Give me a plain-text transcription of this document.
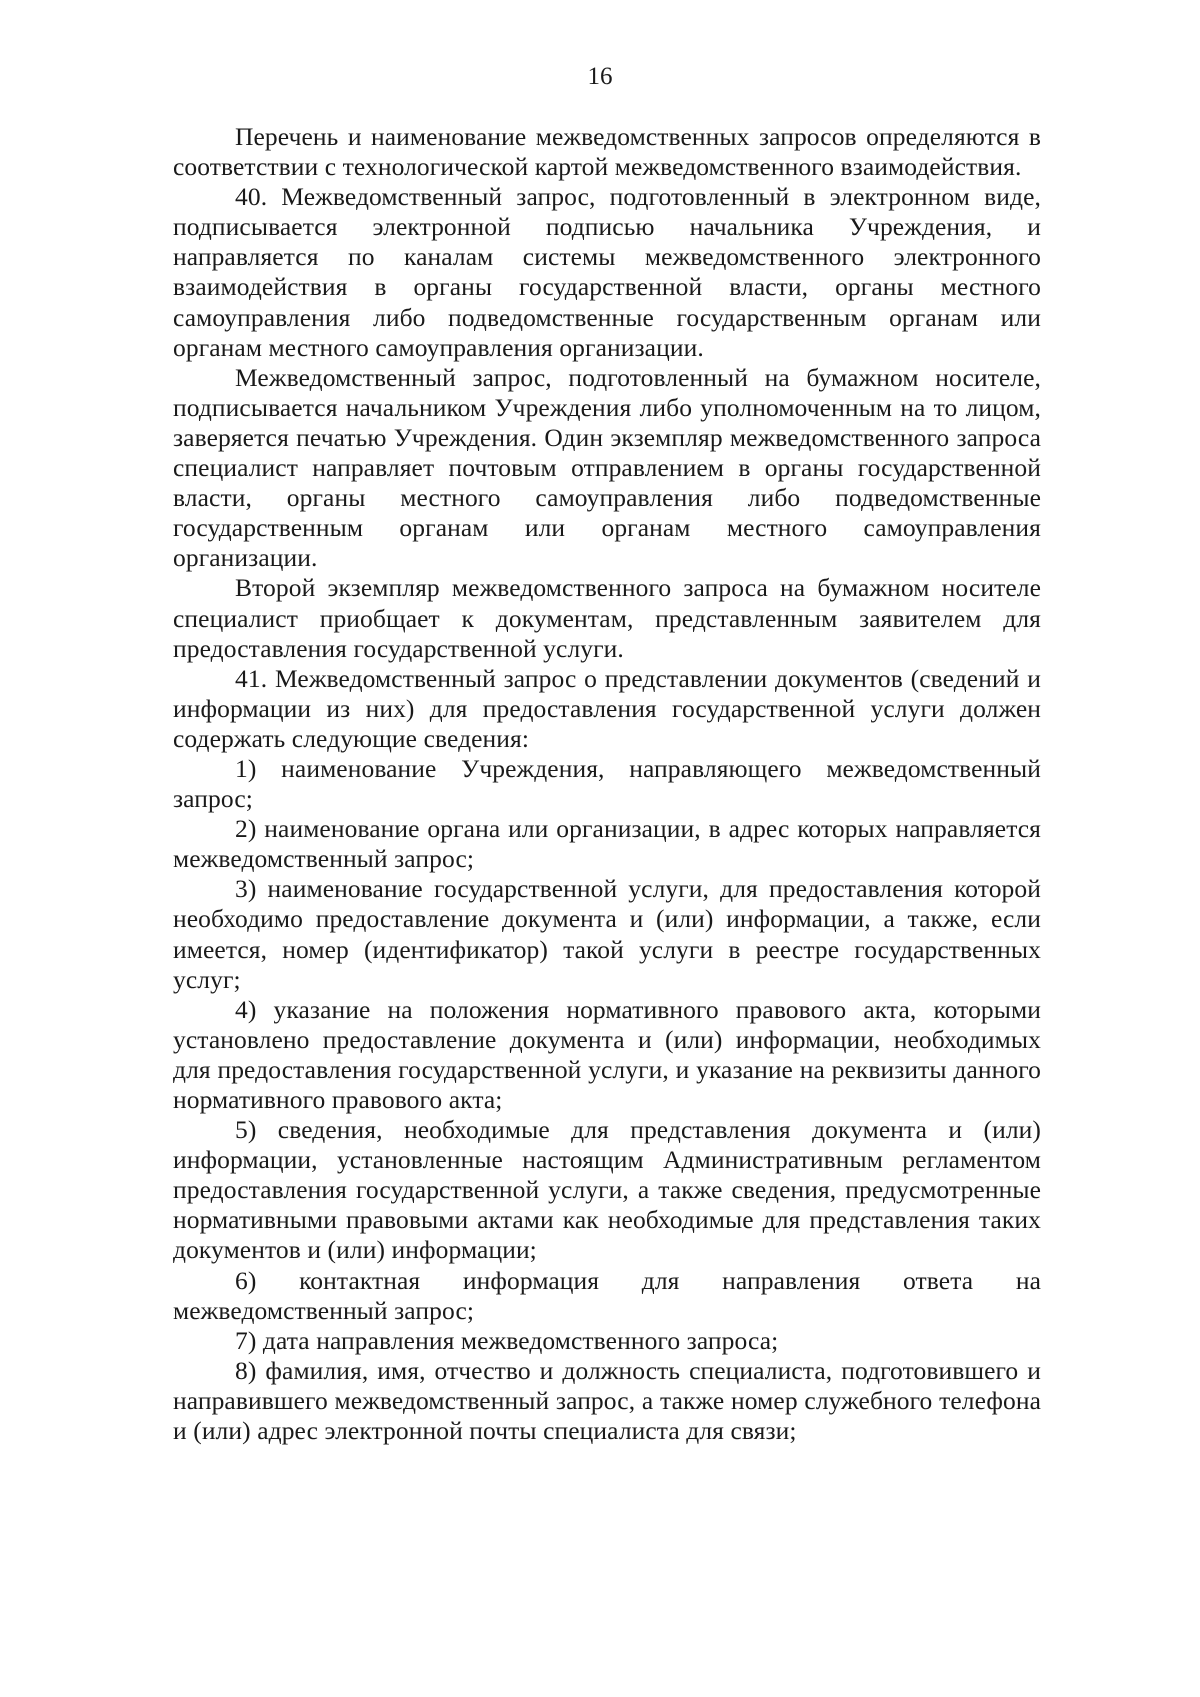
16

Перечень и наименование межведомственных запросов определяются в соответствии с технологической картой межведомственного взаимодействия.

40. Межведомственный запрос, подготовленный в электронном виде, подписывается электронной подписью начальника Учреждения, и направляется по каналам системы межведомственного электронного взаимодействия в органы государственной власти, органы местного самоуправления либо подведомственные государственным органам или органам местного самоуправления организации.

Межведомственный запрос, подготовленный на бумажном носителе, подписывается начальником Учреждения либо уполномоченным на то лицом, заверяется печатью Учреждения. Один экземпляр межведомственного запроса специалист направляет почтовым отправлением в органы государственной власти, органы местного самоуправления либо подведомственные государственным органам или органам местного самоуправления организации.

Второй экземпляр межведомственного запроса на бумажном носителе специалист приобщает к документам, представленным заявителем для предоставления государственной услуги.

41. Межведомственный запрос о представлении документов (сведений и информации из них) для предоставления государственной услуги должен содержать следующие сведения:

1) наименование Учреждения, направляющего межведомственный запрос;

2) наименование органа или организации, в адрес которых направляется межведомственный запрос;

3) наименование государственной услуги, для предоставления которой необходимо предоставление документа и (или) информации, а также, если имеется, номер (идентификатор) такой услуги в реестре государственных услуг;

4) указание на положения нормативного правового акта, которыми установлено предоставление документа и (или) информации, необходимых для предоставления государственной услуги, и указание на реквизиты данного нормативного правового акта;

5) сведения, необходимые для представления документа и (или) информации, установленные настоящим Административным регламентом предоставления государственной услуги, а также сведения, предусмотренные нормативными правовыми актами как необходимые для представления таких документов и (или) информации;

6) контактная информация для направления ответа на межведомственный запрос;

7) дата направления межведомственного запроса;

8) фамилия, имя, отчество и должность специалиста, подготовившего и направившего межведомственный запрос, а также номер служебного телефона и (или) адрес электронной почты специалиста для связи;
